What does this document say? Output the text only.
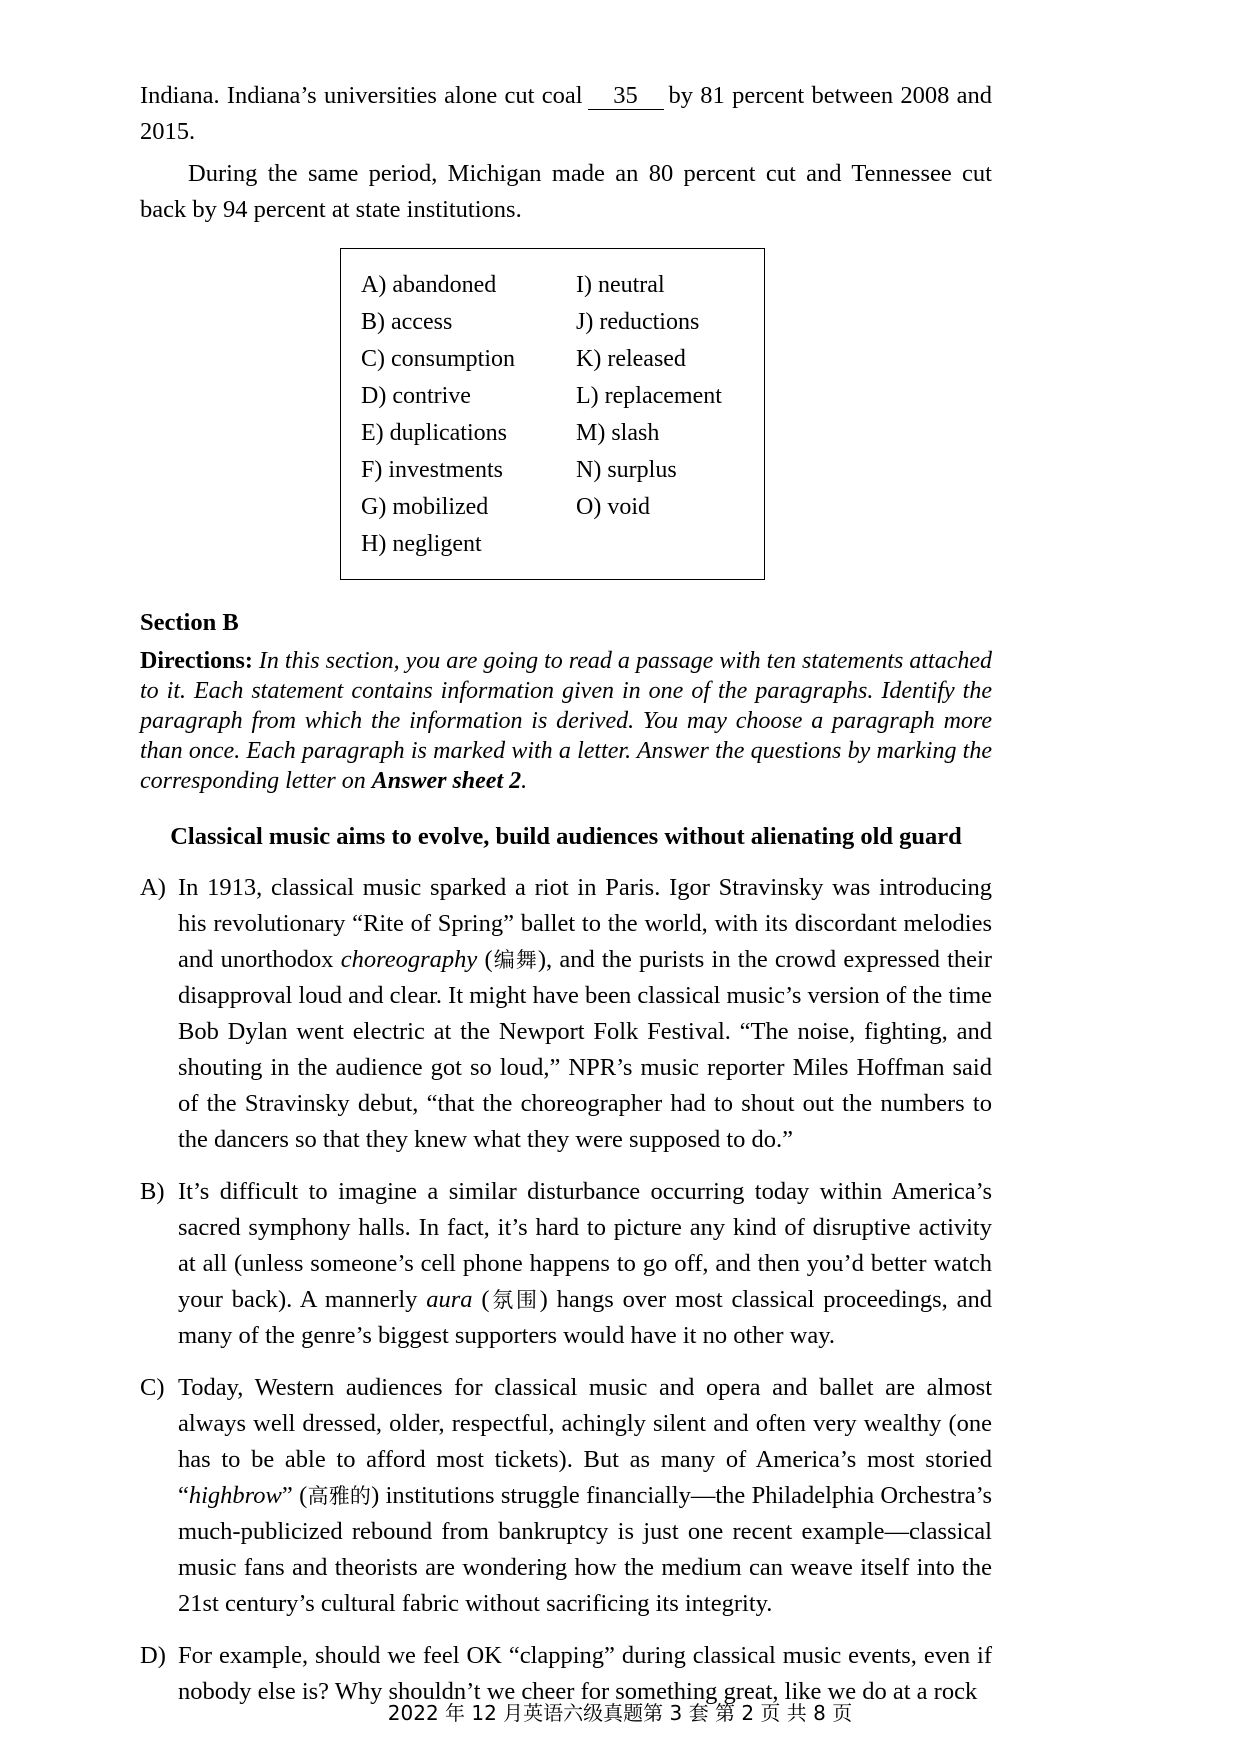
Indiana. Indiana’s universities alone cut coal 35 by 81 percent between 2008 and 2015.

During the same period, Michigan made an 80 percent cut and Tennessee cut back by 94 percent at state institutions.

A) abandoned	I) neutral
B) access	J) reductions
C) consumption	K) released
D) contrive	L) replacement
E) duplications	M) slash
F) investments	N) surplus
G) mobilized	O) void
H) negligent
Section B
Directions: In this section, you are going to read a passage with ten statements attached to it. Each statement contains information given in one of the paragraphs. Identify the paragraph from which the information is derived. You may choose a paragraph more than once. Each paragraph is marked with a letter. Answer the questions by marking the corresponding letter on Answer sheet 2.
Classical music aims to evolve, build audiences without alienating old guard
A) In 1913, classical music sparked a riot in Paris. Igor Stravinsky was introducing his revolutionary “Rite of Spring” ballet to the world, with its discordant melodies and unorthodox choreography (编舞), and the purists in the crowd expressed their disapproval loud and clear. It might have been classical music’s version of the time Bob Dylan went electric at the Newport Folk Festival. “The noise, fighting, and shouting in the audience got so loud,” NPR’s music reporter Miles Hoffman said of the Stravinsky debut, “that the choreographer had to shout out the numbers to the dancers so that they knew what they were supposed to do.”
B) It’s difficult to imagine a similar disturbance occurring today within America’s sacred symphony halls. In fact, it’s hard to picture any kind of disruptive activity at all (unless someone’s cell phone happens to go off, and then you’d better watch your back). A mannerly aura (氛围) hangs over most classical proceedings, and many of the genre’s biggest supporters would have it no other way.
C) Today, Western audiences for classical music and opera and ballet are almost always well dressed, older, respectful, achingly silent and often very wealthy (one has to be able to afford most tickets). But as many of America’s most storied “highbrow” (高雅的) institutions struggle financially—the Philadelphia Orchestra’s much-publicized rebound from bankruptcy is just one recent example—classical music fans and theorists are wondering how the medium can weave itself into the 21st century’s cultural fabric without sacrificing its integrity.
D) For example, should we feel OK “clapping” during classical music events, even if nobody else is? Why shouldn’t we cheer for something great, like we do at a rock
2022 年 12 月英语六级真题第 3 套 第 2 页 共 8 页
